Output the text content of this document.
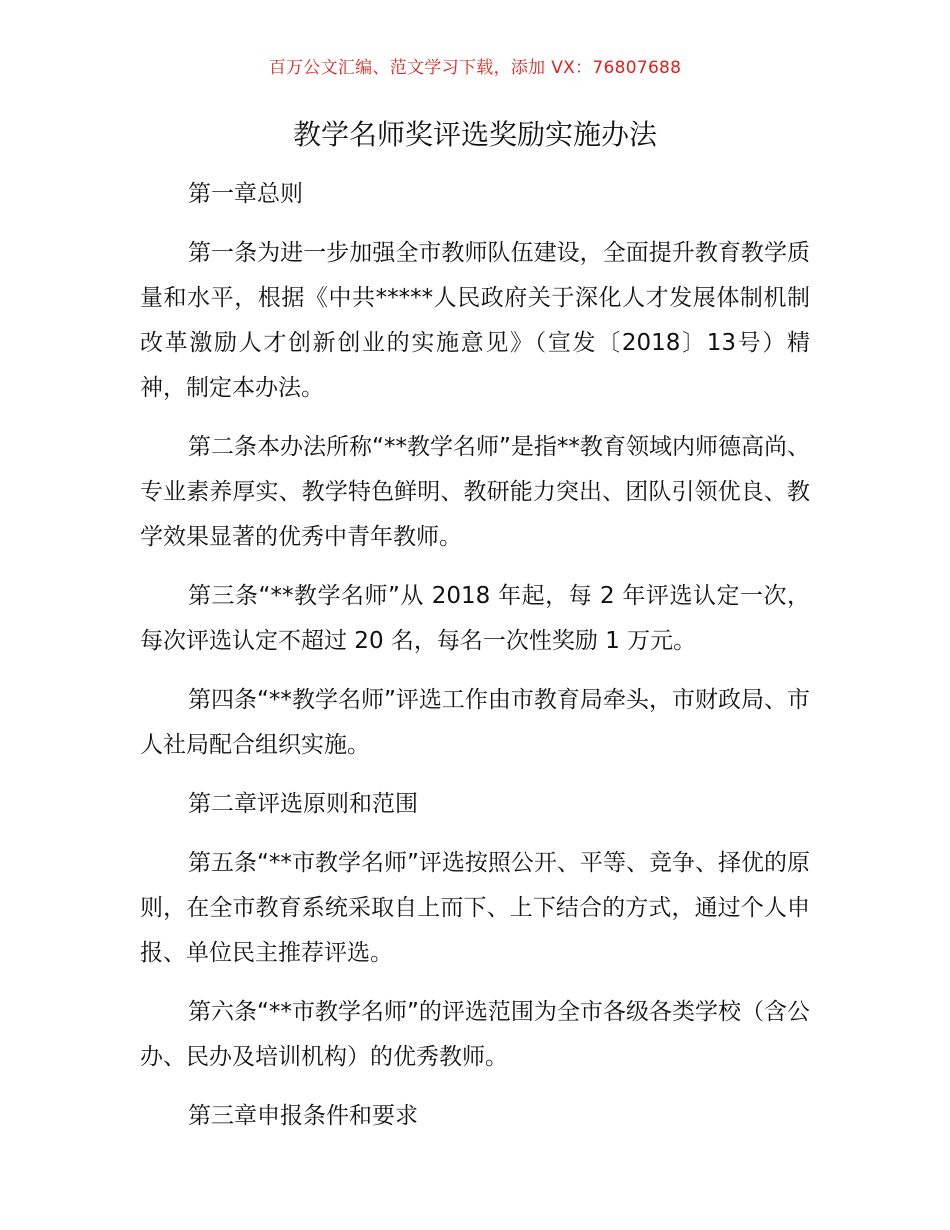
百万公文汇编、范文学习下载，添加 VX：76807688
教学名师奖评选奖励实施办法

第一章总则

第一条为进一步加强全市教师队伍建设，全面提升教育教学质量和水平，根据《中共*****人民政府关于深化人才发展体制机制改革激励人才创新创业的实施意见》（宣发〔2018〕13号）精神，制定本办法。

第二条本办法所称“**教学名师”是指**教育领域内师德高尚、专业素养厚实、教学特色鲜明、教研能力突出、团队引领优良、教学效果显著的优秀中青年教师。

第三条“**教学名师”从 2018 年起，每 2 年评选认定一次，每次评选认定不超过 20 名，每名一次性奖励 1 万元。

第四条“**教学名师”评选工作由市教育局牵头，市财政局、市人社局配合组织实施。

第二章评选原则和范围

第五条“**市教学名师”评选按照公开、平等、竞争、择优的原则，在全市教育系统采取自上而下、上下结合的方式，通过个人申报、单位民主推荐评选。

第六条“**市教学名师”的评选范围为全市各级各类学校（含公办、民办及培训机构）的优秀教师。

第三章申报条件和要求
